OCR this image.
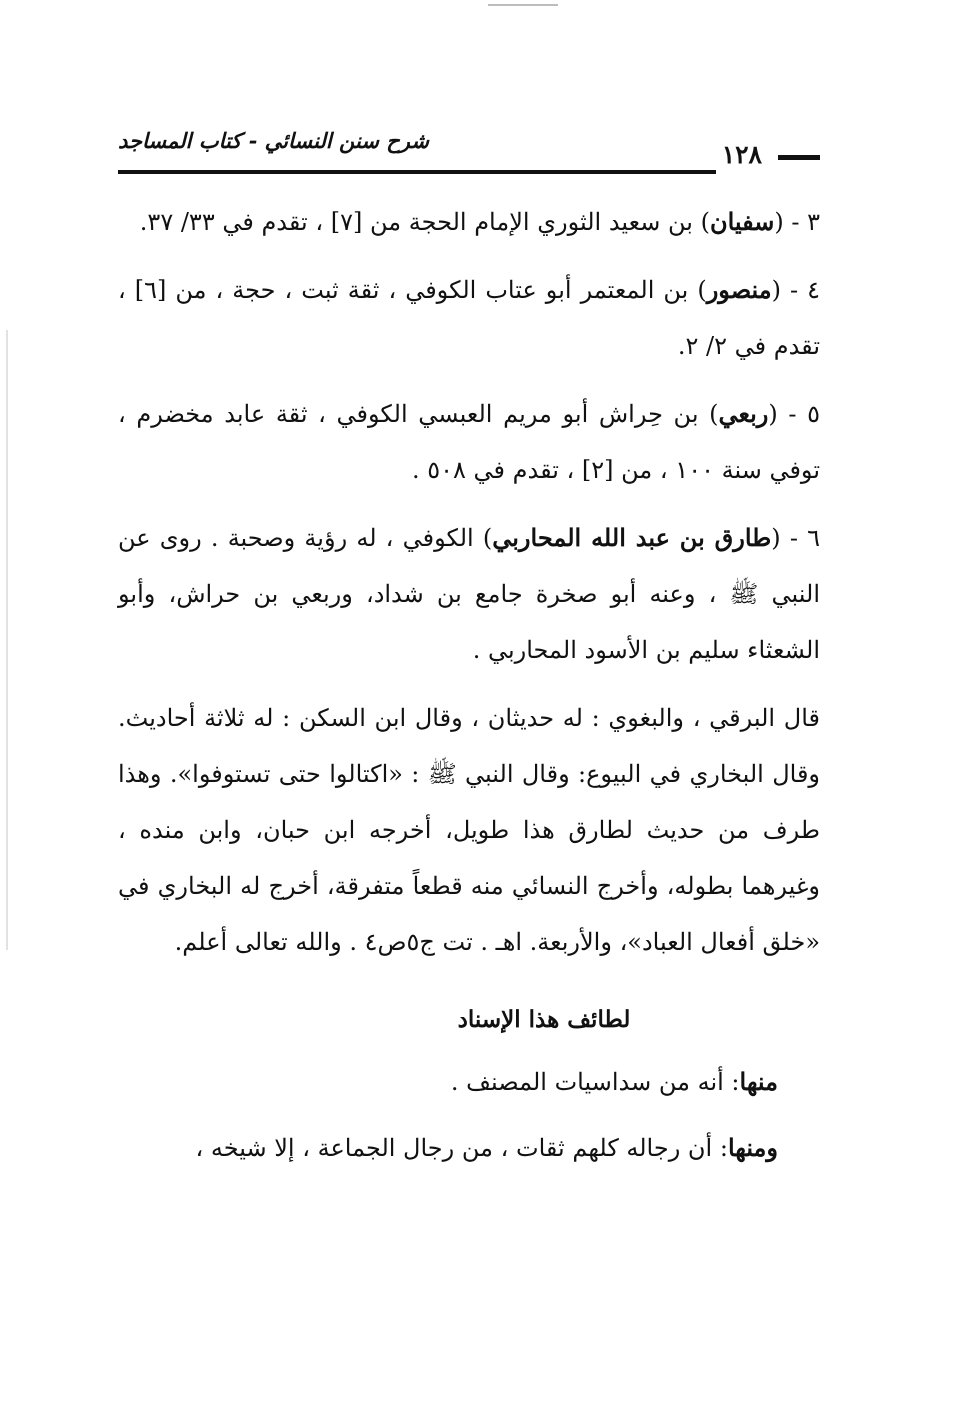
شرح سنن النسائي - كتاب المساجد	١٢٨

٣ - (سفيان) بن سعيد الثوري الإمام الحجة من [٧] ، تقدم في ٣٣/ ٣٧.

٤ - (منصور) بن المعتمر أبو عتاب الكوفي ، ثقة ثبت ، حجة ، من [٦] ، تقدم في ٢/ ٢.

٥ - (ربعي) بن حِراش أبو مريم العبسي الكوفي ، ثقة عابد مخضرم ، توفي سنة ١٠٠ ، من [٢] ، تقدم في ٥٠٨ .

٦ - (طارق بن عبد الله المحاربي) الكوفي ، له رؤية وصحبة . روى عن النبي ﷺ ، وعنه أبو صخرة جامع بن شداد، وربعي بن حراش، وأبو الشعثاء سليم بن الأسود المحاربي .

قال البرقي ، والبغوي : له حديثان ، وقال ابن السكن : له ثلاثة أحاديث. وقال البخاري في البيوع: وقال النبي ﷺ : «اكتالوا حتى تستوفوا». وهذا طرف من حديث لطارق هذا طويل، أخرجه ابن حبان، وابن منده ، وغيرهما بطوله، وأخرج النسائي منه قطعاً متفرقة، أخرج له البخاري في «خلق أفعال العباد»، والأربعة. اهـ . تت ج٥ص٤ . والله تعالى أعلم.

لطائف هذا الإسناد

منها: أنه من سداسيات المصنف .

ومنها: أن رجاله كلهم ثقات ، من رجال الجماعة ، إلا شيخه ،
